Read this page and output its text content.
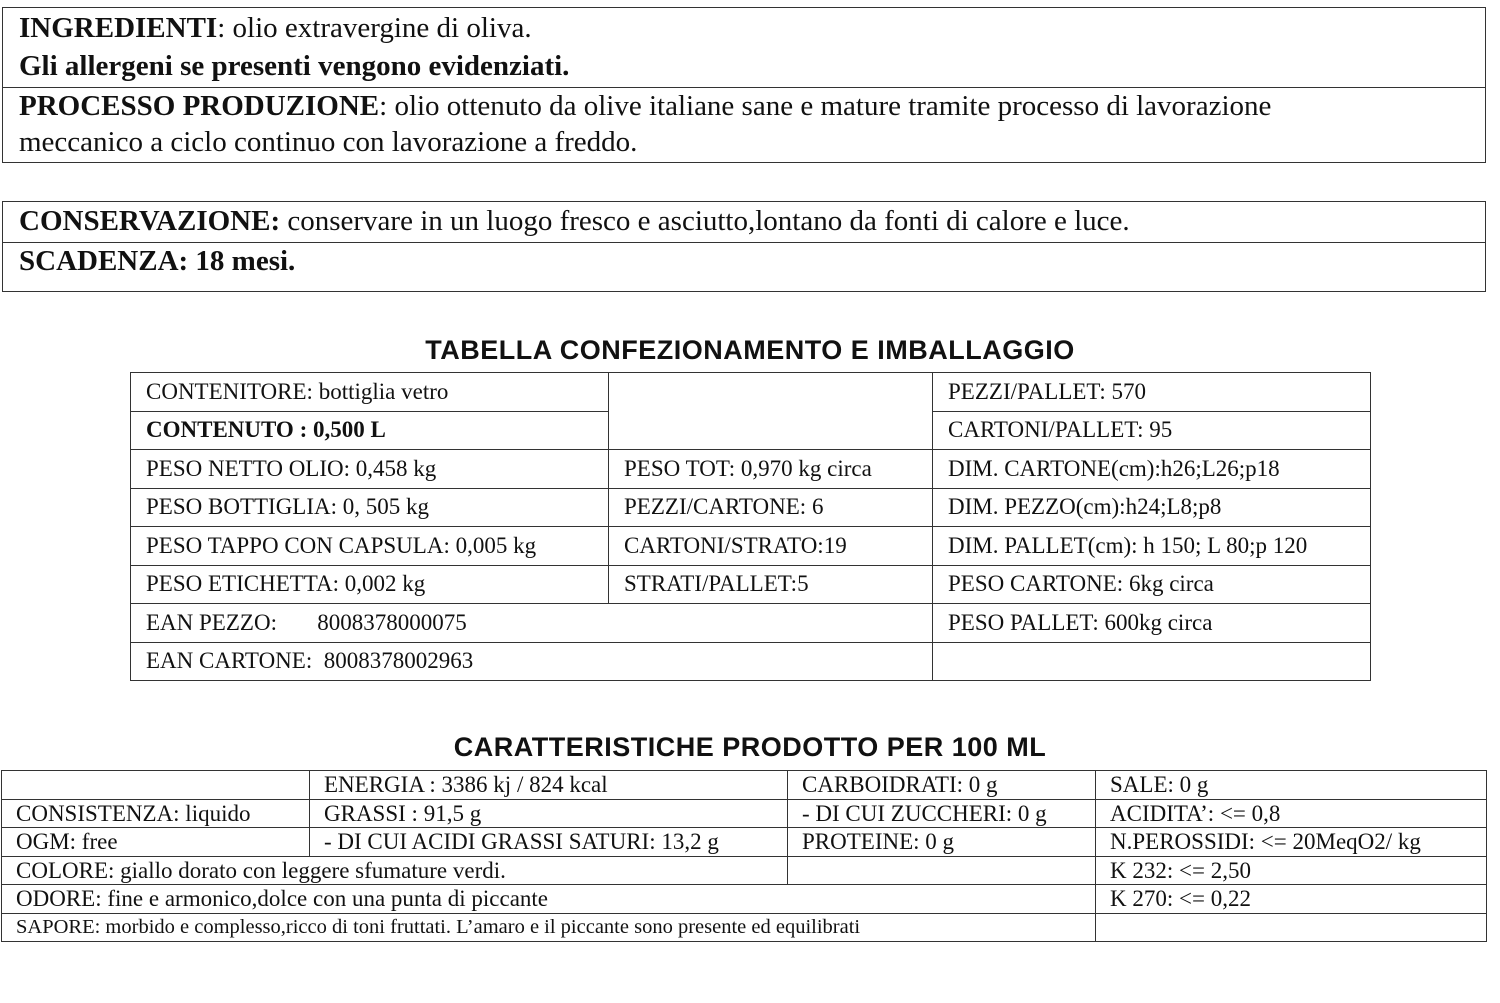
INGREDIENTI: olio extravergine di oliva.
Gli allergeni se presenti vengono evidenziati.
PROCESSO PRODUZIONE: olio ottenuto da olive italiane sane e mature tramite processo di lavorazione
meccanico a ciclo continuo con lavorazione a freddo.
CONSERVAZIONE: conservare in un luogo fresco e asciutto,lontano da fonti di calore e luce.
SCADENZA: 18 mesi.
TABELLA CONFEZIONAMENTO E IMBALLAGGIO
CONTENITORE: bottiglia vetro		PEZZI/PALLET: 570
CONTENUTO : 0,500 L		CARTONI/PALLET: 95
PESO NETTO OLIO: 0,458 kg	PESO TOT: 0,970 kg circa	DIM. CARTONE(cm):h26;L26;p18
PESO BOTTIGLIA: 0, 505 kg	PEZZI/CARTONE: 6	DIM. PEZZO(cm):h24;L8;p8
PESO TAPPO CON CAPSULA: 0,005 kg	CARTONI/STRATO:19	DIM. PALLET(cm): h 150; L 80;p 120
PESO ETICHETTA: 0,002 kg	STRATI/PALLET:5	PESO CARTONE: 6kg circa
EAN PEZZO:       8008378000075		PESO PALLET: 600kg circa
EAN CARTONE:  8008378002963		
CARATTERISTICHE PRODOTTO PER 100 ML
	ENERGIA : 3386 kj / 824 kcal	CARBOIDRATI: 0 g	SALE: 0 g
CONSISTENZA: liquido	GRASSI : 91,5 g	- DI CUI ZUCCHERI: 0 g	ACIDITA’: <= 0,8
OGM: free	- DI CUI ACIDI GRASSI SATURI: 13,2 g	PROTEINE: 0 g	N.PEROSSIDI: <= 20MeqO2/ kg
COLORE: giallo dorato con leggere sfumature verdi.			K 232: <= 2,50
ODORE: fine e armonico,dolce con una punta di piccante			K 270: <= 0,22
SAPORE: morbido e complesso,ricco di toni fruttati. L’amaro e il piccante sono presente ed equilibrati			
